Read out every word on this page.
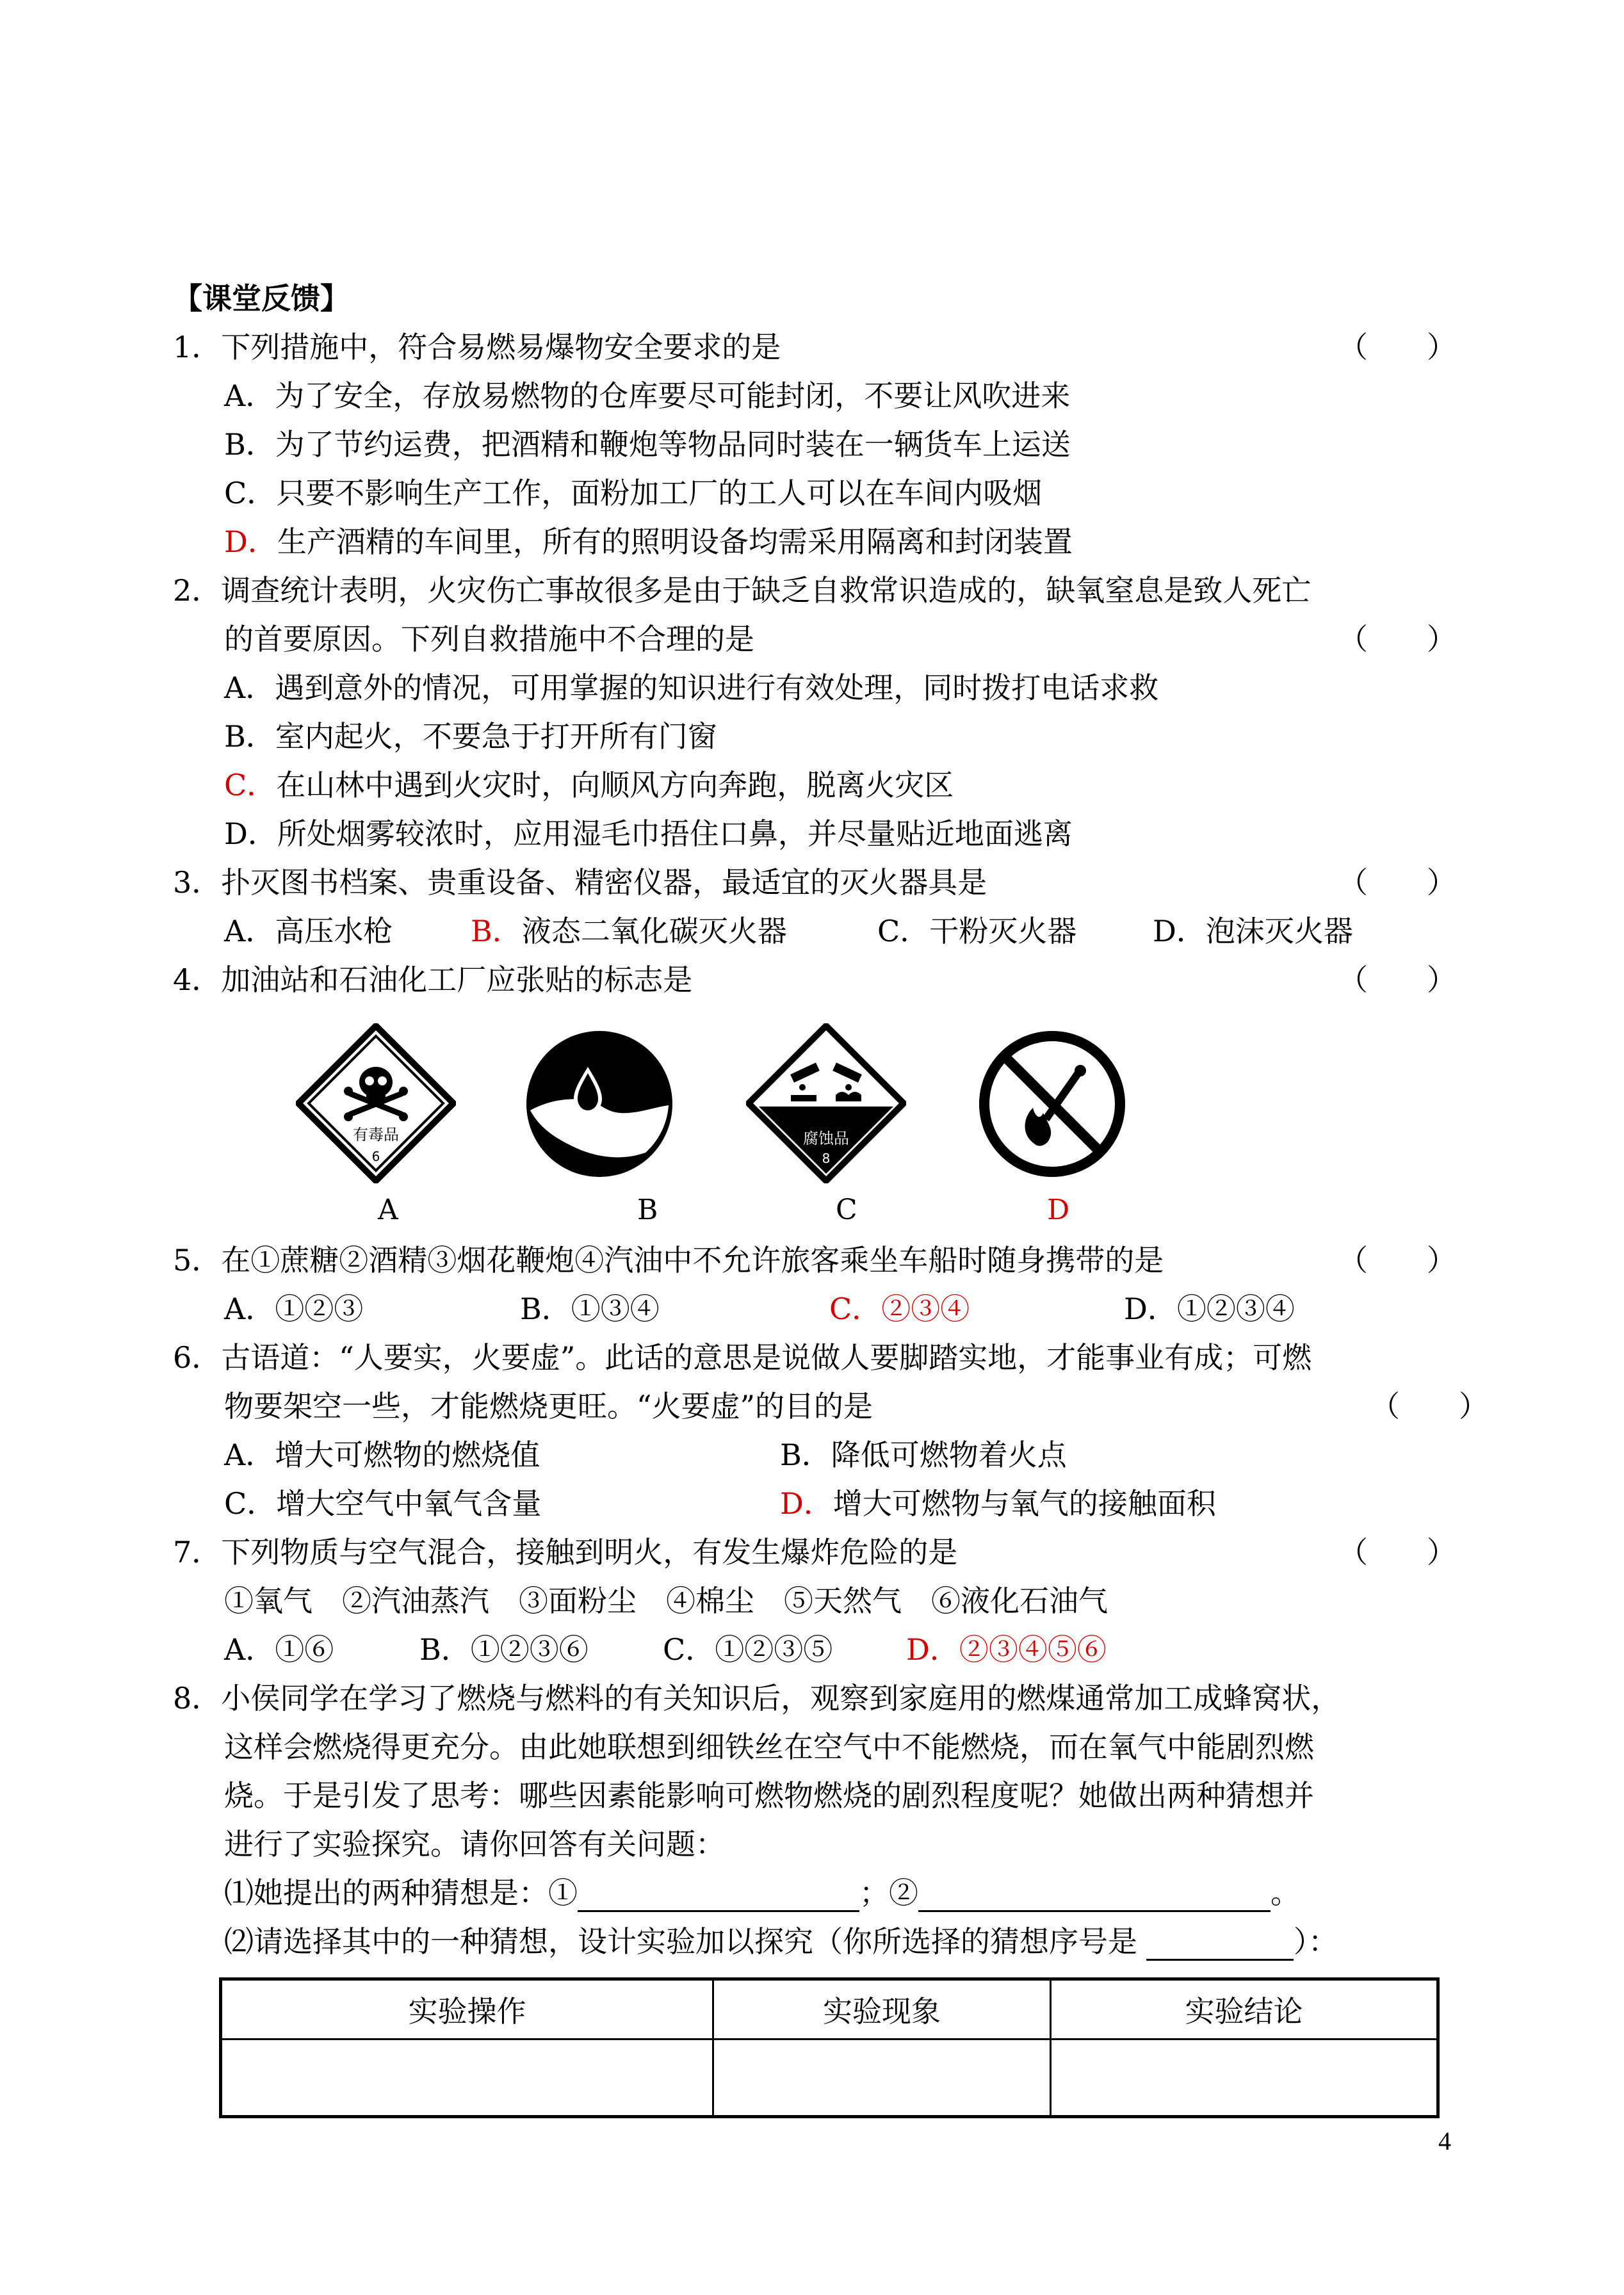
【课堂反馈】
1．下列措施中，符合易燃易爆物安全要求的是	（　　）
A．为了安全，存放易燃物的仓库要尽可能封闭，不要让风吹进来
B．为了节约运费，把酒精和鞭炮等物品同时装在一辆货车上运送
C．只要不影响生产工作，面粉加工厂的工人可以在车间内吸烟
D．生产酒精的车间里，所有的照明设备均需采用隔离和封闭装置
2．调查统计表明，火灾伤亡事故很多是由于缺乏自救常识造成的，缺氧窒息是致人死亡
的首要原因。下列自救措施中不合理的是	（　　）
A．遇到意外的情况，可用掌握的知识进行有效处理，同时拨打电话求救
B．室内起火，不要急于打开所有门窗
C．在山林中遇到火灾时，向顺风方向奔跑，脱离火灾区
D．所处烟雾较浓时，应用湿毛巾捂住口鼻，并尽量贴近地面逃离
3．扑灭图书档案、贵重设备、精密仪器，最适宜的灭火器具是	（　　）
A．高压水枪	B．液态二氧化碳灭火器	C．干粉灭火器	D．泡沫灭火器
4．加油站和石油化工厂应张贴的标志是	（　　）
有毒品
6
腐蚀品
8
A	B	C	D
5．在①蔗糖②酒精③烟花鞭炮④汽油中不允许旅客乘坐车船时随身携带的是	（　　）
A．①②③	B．①③④	C．②③④	D．①②③④
6．古语道：“人要实，火要虚”。此话的意思是说做人要脚踏实地，才能事业有成；可燃
物要架空一些，才能燃烧更旺。“火要虚”的目的是	（　　）
A．增大可燃物的燃烧值	B．降低可燃物着火点
C．增大空气中氧气含量	D．增大可燃物与氧气的接触面积
7．下列物质与空气混合，接触到明火，有发生爆炸危险的是	（　　）
①氧气　②汽油蒸汽　③面粉尘　④棉尘　⑤天然气　⑥液化石油气
A．①⑥	B．①②③⑥	C．①②③⑤ D．②③④⑤⑥
8．小侯同学在学习了燃烧与燃料的有关知识后，观察到家庭用的燃煤通常加工成蜂窝状，
这样会燃烧得更充分。由此她联想到细铁丝在空气中不能燃烧，而在氧气中能剧烈燃
烧。于是引发了思考：哪些因素能影响可燃物燃烧的剧烈程度呢？她做出两种猜想并
进行了实验探究。请你回答有关问题：
⑴她提出的两种猜想是：①	；②	。
⑵请选择其中的一种猜想，设计实验加以探究（你所选择的猜想序号是	）：
实验操作	实验现象	实验结论

4
